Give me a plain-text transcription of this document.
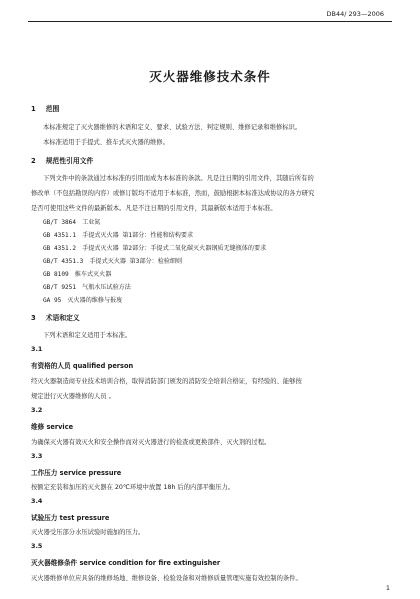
DB44/ 293—2006
灭火器维修技术条件
1 范围
本标准规定了灭火器维修的术语和定义、要求、试验方法、判定规则、维修记录和维修标识。
本标准适用于手提式、推车式灭火器的维修。
2 规范性引用文件
下列文件中的条款通过本标准的引用而成为本标准的条款。凡是注日期的引用文件，其随后所有的
修改单（不包括勘误的内容）或修订版均不适用于本标准，然而，鼓励根据本标准达成协议的各方研究
是否可使用这些文件的最新版本。凡是不注日期的引用文件，其最新版本适用于本标准。
GB/T 3864　工业氮
GB 4351.1　手提式灭火器 第1部分：性能和结构要求
GB 4351.2　手提式灭火器 第2部分：手提式二氧化碳灭火器钢质无缝瓶体的要求
GB/T 4351.3　手提式灭火器 第3部分：检验细则
GB 8109　推车式灭火器
GB/T 9251　气瓶水压试验方法
GA 95　灭火器的维修与报废
3 术语和定义
下列术语和定义适用于本标准。
3.1
有资格的人员 qualified person
经灭火器制造商专业技术培训合格，取得消防部门颁发的消防安全培训合格证，有经验的、能够按
规定进行灭火器维修的人员 。
3.2
维修 service
为确保灭火器有效灭火和安全操作而对灭火器进行的检查或更换部件、灭火剂的过程。
3.3
工作压力 service pressure
按额定充装和加压的灭火器在 20℃环境中放置 18h 后的内部平衡压力。
3.4
试验压力 test pressure
灭火器受压部分水压试验时施加的压力。
3.5
灭火器维修条件 service condition for fire extinguisher
灭火器维修单位应具备的维修场地、维修设备、检验设备和对维修质量管理实施有效控制的条件。
1
